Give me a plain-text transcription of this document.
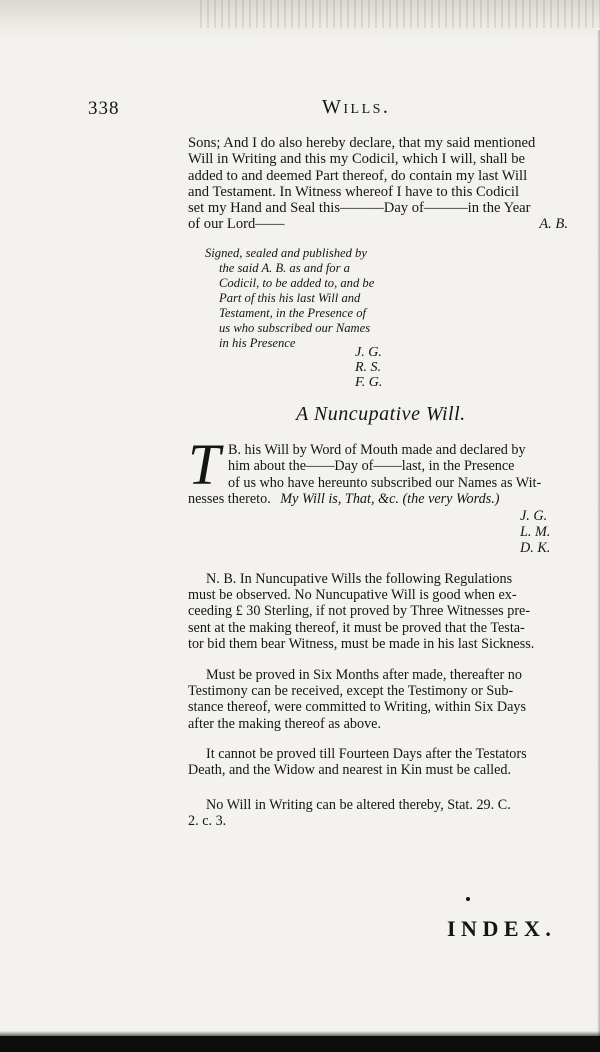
338	Wills.
Sons; And I do also hereby declare, that my said mentioned
Will in Writing and this my Codicil, which I will, shall be
added to and deemed Part thereof, do contain my last Will
and Testament. In Witness whereof I have to this Codicil
set my Hand and Seal this———Day of———in the Year
of our Lord——	A. B.
Signed, sealed and published by
the said A. B. as and for a
Codicil, to be added to, and be
Part of this his last Will and
Testament, in the Presence of
us who subscribed our Names
in his Presence
J. G.
R. S.
F. G.
A Nuncupative Will.
T B. his Will by Word of Mouth made and declared by
him about the——Day of——last, in the Presence
of us who have hereunto subscribed our Names as Wit-
nesses thereto. My Will is, That, &c. (the very Words.)
J. G.
L. M.
D. K.
N. B. In Nuncupative Wills the following Regulations
must be observed. No Nuncupative Will is good when ex-
ceeding £ 30 Sterling, if not proved by Three Witnesses pre-
sent at the making thereof, it must be proved that the Testa-
tor bid them bear Witness, must be made in his last Sickness.
Must be proved in Six Months after made, thereafter no
Testimony can be received, except the Testimony or Sub-
stance thereof, were committed to Writing, within Six Days
after the making thereof as above.
It cannot be proved till Fourteen Days after the Testators
Death, and the Widow and nearest in Kin must be called.
No Will in Writing can be altered thereby, Stat. 29. C.
2. c. 3.
INDEX.
